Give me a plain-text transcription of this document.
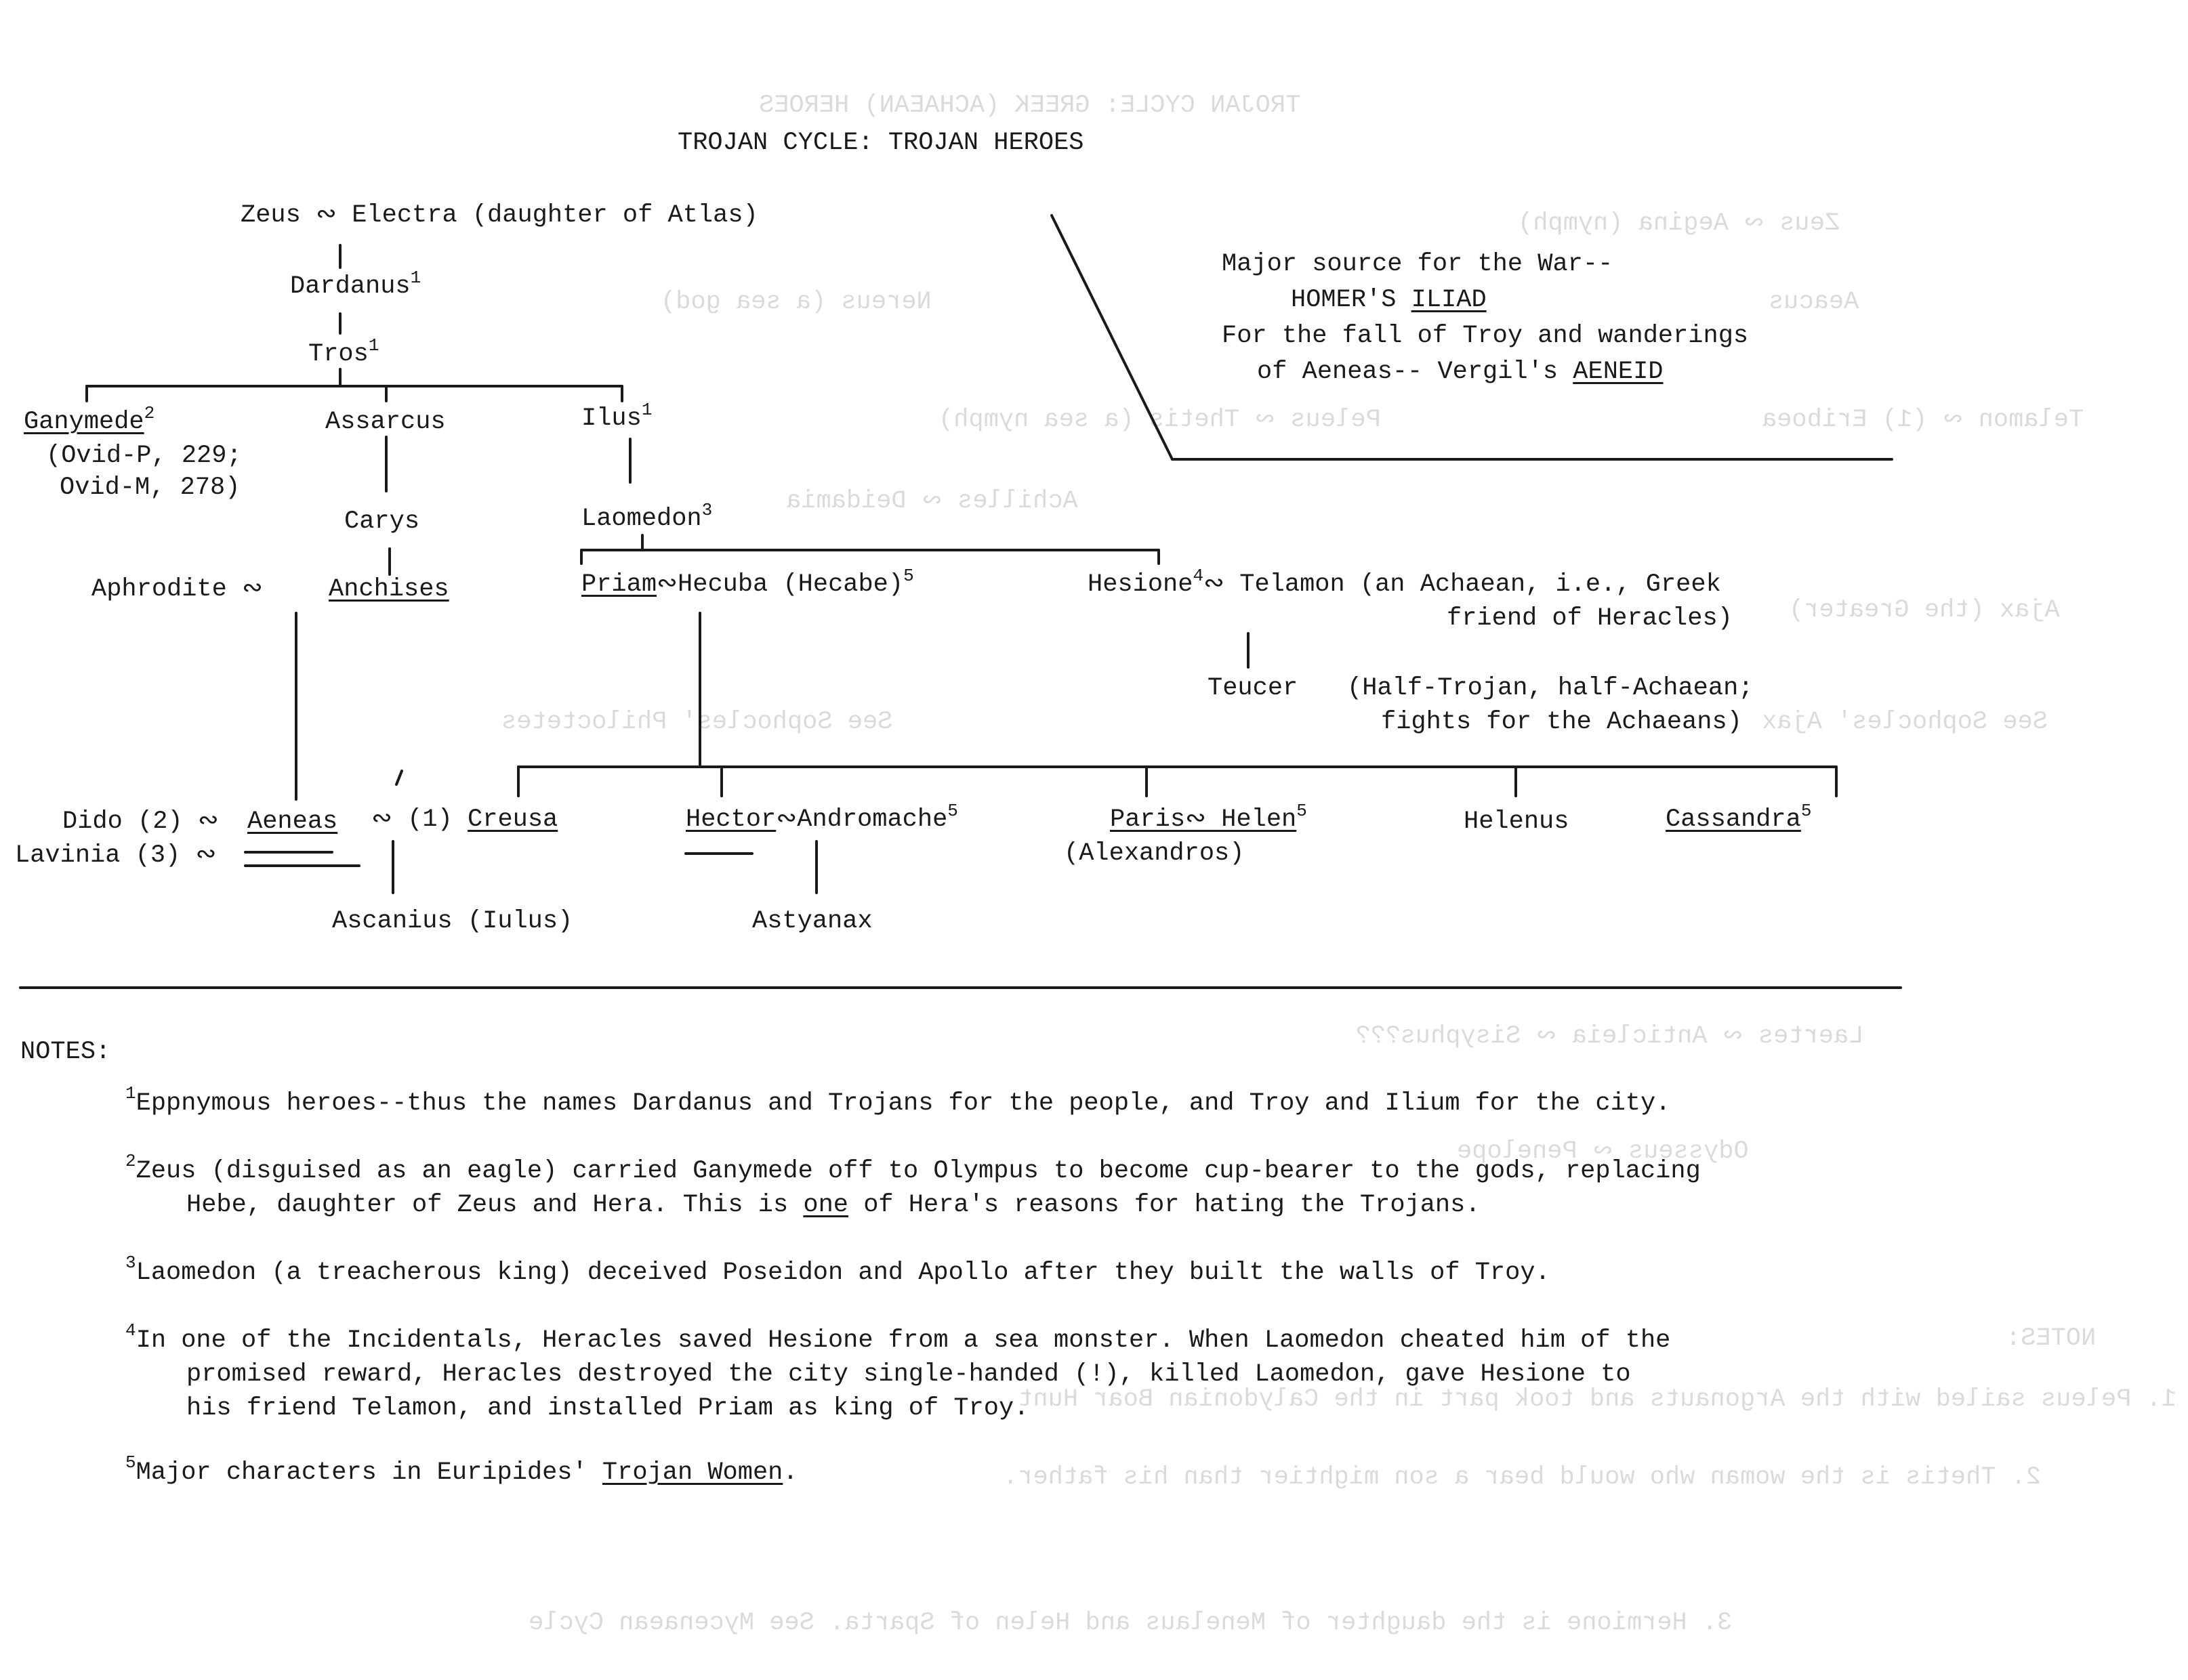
TROJAN CYCLE: GREEK (ACHAEAN) HEROES
Zeus ∾ Aegina (nymph)
Aeacus
Nereus (a sea god)
Telamon ∾ (1) Eriboea
Peleus ∾ Thetis (a sea nymph)
Achilles ∾ Deidamia
Ajax (the Greater)
See Sophocles' Ajax
See Sophocles' Philoctetes
Laertes ∾ Anticleia ∾ Sisyphus???
Odysseus ∾ Penelope
NOTES:
1. Peleus sailed with the Argonauts and took part in the Calydonian Boar Hunt.
2. Thetis is the woman who would bear a son mightier than his father.
3. Hermione is the daughter of Menelaus and Helen of Sparta. See Mycenaean Cycle
TROJAN CYCLE: TROJAN HEROES
Major source for the War--
HOMER'S ILIAD
For the fall of Troy and wanderings
of Aeneas-- Vergil's AENEID
Zeus ∾ Electra (daughter of Atlas)
Dardanus$^1$
Tros$^1$
Ganymede$^2$
(Ovid-P, 229;
Ovid-M, 278)
Assarcus	Ilus$^1$
Carys	Laomedon$^3$
Aphrodite ∾	Anchises	Priam∾Hecuba (Hecabe)$^5$	Hesione$^4$∾ Telamon (an Achaean, i.e., Greek
friend of Heracles)
Teucer (Half-Trojan, half-Achaean;
fights for the Achaeans)
Dido (2) ∾ Aeneas ∾ (1) Creusa
Lavinia (3) ∾
Ascanius (Iulus)
Hector∾Andromache$^5$
Astyanax
Paris∾ Helen$^5$
(Alexandros)
Helenus	Cassandra$^5$
NOTES:
$^1$Eppnymous heroes--thus the names Dardanus and Trojans for the people, and Troy and Ilium for the city.
$^2$Zeus (disguised as an eagle) carried Ganymede off to Olympus to become cup-bearer to the gods, replacing
Hebe, daughter of Zeus and Hera. This is one of Hera's reasons for hating the Trojans.
$^3$Laomedon (a treacherous king) deceived Poseidon and Apollo after they built the walls of Troy.
$^4$In one of the Incidentals, Heracles saved Hesione from a sea monster. When Laomedon cheated him of the
promised reward, Heracles destroyed the city single-handed (!), killed Laomedon, gave Hesione to
his friend Telamon, and installed Priam as king of Troy.
$^5$Major characters in Euripides' Trojan Women.
